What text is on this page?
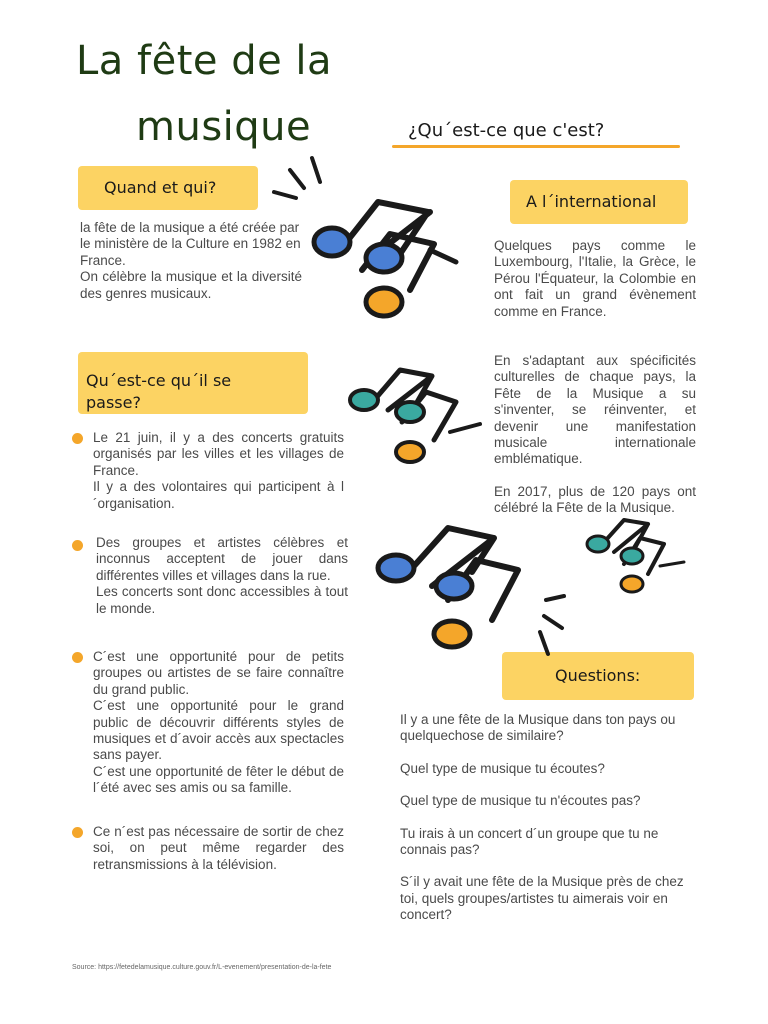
La fête de la
musique	¿Qu´est-ce que c'est?
Quand et qui?

la fête de la musique a été créée par le ministère de la Culture en 1982 en France.

On célèbre la musique et la diversité des genres musicaux.

Qu´est-ce qu´il se
passe?
Le 21 juin, il y a des concerts gratuits organisés par les villes et les villages de France.
Il y a des volontaires qui participent à l´organisation.
Des groupes et artistes célèbres et inconnus acceptent de jouer dans différentes villes et villages dans la rue.
Les concerts sont donc accessibles à tout le monde.
C´est une opportunité pour de petits groupes ou artistes de se faire connaître du grand public.
C´est une opportunité pour le grand public de découvrir différents styles de musiques et d´avoir accès aux spectacles sans payer.
C´est une opportunité de fêter le début de l´été avec ses amis ou sa famille.
Ce n´est pas nécessaire de sortir de chez soi, on peut même regarder des retransmissions à la télévision.
A l´international
Quelques pays comme le Luxembourg, l'Italie, la Grèce, le Pérou l'Équateur, la Colombie en ont fait un grand évènement comme en France.
En s'adaptant aux spécificités culturelles de chaque pays, la Fête de la Musique a su s'inventer, se réinventer, et devenir une manifestation musicale internationale emblématique.
En 2017, plus de 120 pays ont célébré la Fête de la Musique.
Questions:

Il y a une fête de la Musique dans ton pays ou quelquechose de similaire?

Quel type de musique tu écoutes?

Quel type de musique tu n'écoutes pas?

Tu irais à un concert d´un groupe que tu ne connais pas?

S´il y avait une fête de la Musique près de chez toi, quels groupes/artistes tu aimerais voir en concert?

Source: https://fetedelamusique.culture.gouv.fr/L-evenement/presentation-de-la-fete
